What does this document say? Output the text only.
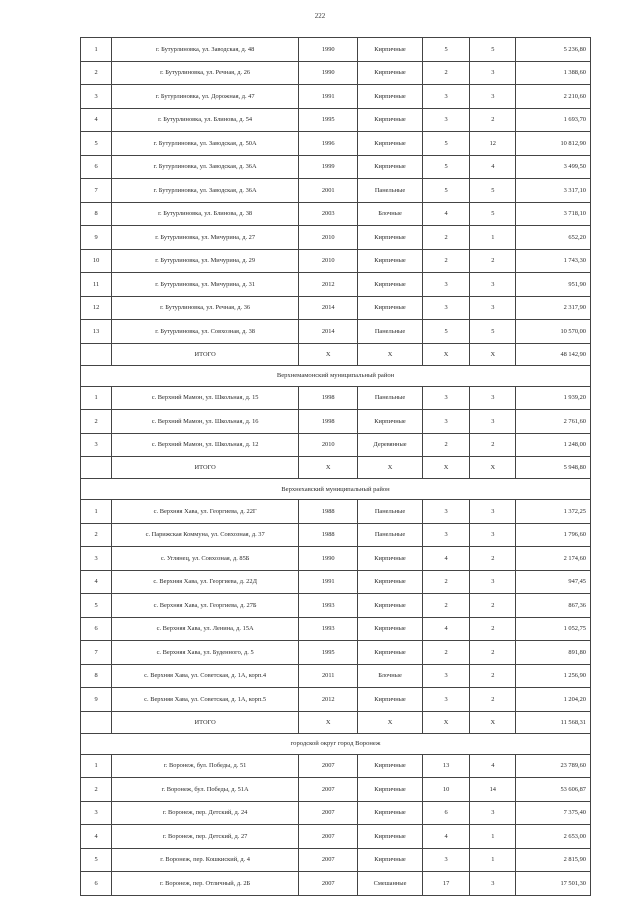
222
1	г. Бутурлиновка, ул. Заводская, д. 48	1990	Кирпичные	5	5	5 236,80
2	г. Бутурлиновка, ул. Речная, д. 26	1990	Кирпичные	2	3	1 388,60
3	г. Бутурлиновка, ул. Дорожная, д. 47	1991	Кирпичные	3	3	2 210,60
4	г. Бутурлиновка, ул. Блинова, д. 54	1995	Кирпичные	3	2	1 693,70
5	г. Бутурлиновка, ул. Заводская, д. 50А	1996	Кирпичные	5	12	10 812,90
6	г. Бутурлиновка, ул. Заводская, д. 36А	1999	Кирпичные	5	4	3 499,50
7	г. Бутурлиновка, ул. Заводская, д. 36А	2001	Панельные	5	5	3 317,10
8	г. Бутурлиновка, ул. Блинова, д. 38	2003	Блочные	4	5	3 718,10
9	г. Бутурлиновка, ул. Мичурина, д. 27	2010	Кирпичные	2	1	652,20
10	г. Бутурлиновка, ул. Мичурина, д. 29	2010	Кирпичные	2	2	1 743,30
11	г. Бутурлиновка, ул. Мичурина, д. 31	2012	Кирпичные	3	3	951,90
12	г. Бутурлиновка, ул. Речная, д. 36	2014	Кирпичные	3	3	2 317,90
13	г. Бутурлиновка, ул. Совхозная, д. 38	2014	Панельные	5	5	10 570,00
	ИТОГО	X	X	X	X	48 142,90
Верхнемамонский муниципальный район						
1	с. Верхний Мамон, ул. Школьная, д. 15	1998	Панельные	3	3	1 939,20
2	с. Верхний Мамон, ул. Школьная, д. 16	1998	Кирпичные	3	3	2 761,60
3	с. Верхний Мамон, ул. Школьная, д. 12	2010	Деревянные	2	2	1 248,00
	ИТОГО	X	X	X	X	5 948,80
Верхнехавский муниципальный район						
1	с. Верхняя Хава, ул. Георгиева, д. 22Г	1988	Панельные	3	3	1 372,25
2	с. Парижская Коммуна, ул. Совхозная, д. 37	1988	Панельные	3	3	1 796,60
3	с. Углянец, ул. Совхозная, д. 85Б	1990	Кирпичные	4	2	2 174,60
4	с. Верхняя Хава, ул. Георгиева, д. 22Д	1991	Кирпичные	2	3	947,45
5	с. Верхняя Хава, ул. Георгиева, д. 27Б	1993	Кирпичные	2	2	867,36
6	с. Верхняя Хава, ул. Ленина, д. 15А	1993	Кирпичные	4	2	1 052,75
7	с. Верхняя Хава, ул. Буденного, д. 5	1995	Кирпичные	2	2	891,80
8	с. Верхняя Хава, ул. Советская, д. 1А, корп.4	2011	Блочные	3	2	1 256,90
9	с. Верхняя Хава, ул. Советская, д. 1А, корп.5	2012	Кирпичные	3	2	1 204,20
	ИТОГО	X	X	X	X	11 568,31
городской округ город Воронеж						
1	г. Воронеж, бул. Победы, д. 51	2007	Кирпичные	13	4	23 789,60
2	г. Воронеж, бул. Победы, д. 51А	2007	Кирпичные	10	14	53 606,87
3	г. Воронеж, пер. Детский, д. 24	2007	Кирпичные	6	3	7 375,40
4	г. Воронеж, пер. Детский, д. 27	2007	Кирпичные	4	1	2 653,00
5	г. Воронеж, пер. Кошкиский, д. 4	2007	Кирпичные	3	1	2 815,90
6	г. Воронеж, пер. Отличный, д. 2Б	2007	Смешанные	17	3	17 501,30
